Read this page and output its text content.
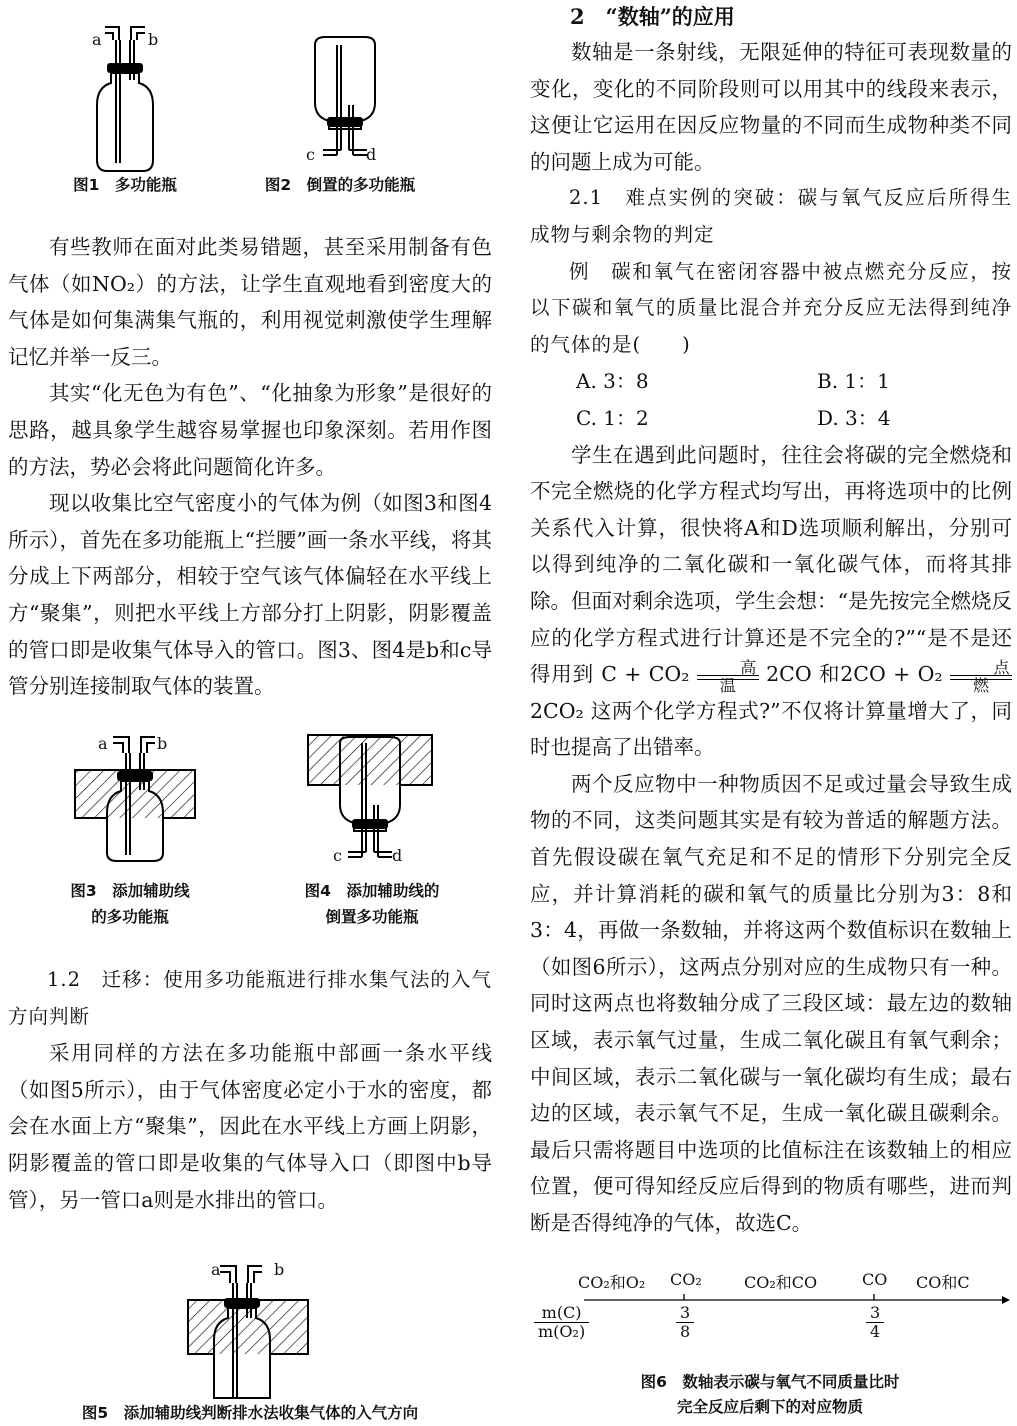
a	b
图1　多功能瓶
c	d
图2　倒置的多功能瓶

有些教师在面对此类易错题，甚至采用制备有色气体（如NO₂）的方法，让学生直观地看到密度大的气体是如何集满集气瓶的，利用视觉刺激使学生理解记忆并举一反三。

其实“化无色为有色”、“化抽象为形象”是很好的思路，越具象学生越容易掌握也印象深刻。若用作图的方法，势必会将此问题简化许多。

现以收集比空气密度小的气体为例（如图3和图4所示），首先在多功能瓶上“拦腰”画一条水平线，将其分成上下两部分，相较于空气该气体偏轻在水平线上方“聚集”，则把水平线上方部分打上阴影，阴影覆盖的管口即是收集气体导入的管口。图3、图4是b和c导管分别连接制取气体的装置。

a	b
图3　添加辅助线
的多功能瓶
c	d
图4　添加辅助线的
倒置多功能瓶

1.2　迁移：使用多功能瓶进行排水集气法的入气方向判断

采用同样的方法在多功能瓶中部画一条水平线（如图5所示），由于气体密度必定小于水的密度，都会在水面上方“聚集”，因此在水平线上方画上阴影，阴影覆盖的管口即是收集的气体导入口（即图中b导管），另一管口a则是水排出的管口。

a	b
图5　添加辅助线判断排水法收集气体的入气方向

2　“数轴”的应用

数轴是一条射线，无限延伸的特征可表现数量的变化，变化的不同阶段则可以用其中的线段来表示，这便让它运用在因反应物量的不同而生成物种类不同的问题上成为可能。

2.1　难点实例的突破：碳与氧气反应后所得生成物与剩余物的判定

例　碳和氧气在密闭容器中被点燃充分反应，按以下碳和氧气的质量比混合并充分反应无法得到纯净的气体的是(　　)

A. 3：8	B. 1：1
C. 1：2	D. 3：4

学生在遇到此问题时，往往会将碳的完全燃烧和不完全燃烧的化学方程式均写出，再将选项中的比例关系代入计算，很快将A和D选项顺利解出，分别可以得到纯净的二氧化碳和一氧化碳气体，而将其排除。但面对剩余选项，学生会想：“是先按完全燃烧反应的化学方程式进行计算还是不完全的?”“是不是还得用到 C + CO₂	高温	2CO 和2CO + O₂	点燃
2CO₂ 这两个化学方程式?”不仅将计算量增大了，同时也提高了出错率。

两个反应物中一种物质因不足或过量会导致生成物的不同，这类问题其实是有较为普适的解题方法。首先假设碳在氧气充足和不足的情形下分别完全反应，并计算消耗的碳和氧气的质量比分别为3：8和3：4，再做一条数轴，并将这两个数值标识在数轴上（如图6所示），这两点分别对应的生成物只有一种。同时这两点也将数轴分成了三段区域：最左边的数轴区域，表示氧气过量，生成二氧化碳且有氧气剩余；中间区域，表示二氧化碳与一氧化碳均有生成；最右边的区域，表示氧气不足，生成一氧化碳且碳剩余。最后只需将题目中选项的比值标注在该数轴上的相应位置，便可得知经反应后得到的物质有哪些，进而判断是否得纯净的气体，故选C。

CO₂和O₂ CO₂	CO₂和CO	CO CO和C
$\frac{m(C)}{\text{m(O₂)}}$	$\frac{3}{8}$	$\frac{3}{4}$
图6　数轴表示碳与氧气不同质量比时
完全反应后剩下的对应物质
